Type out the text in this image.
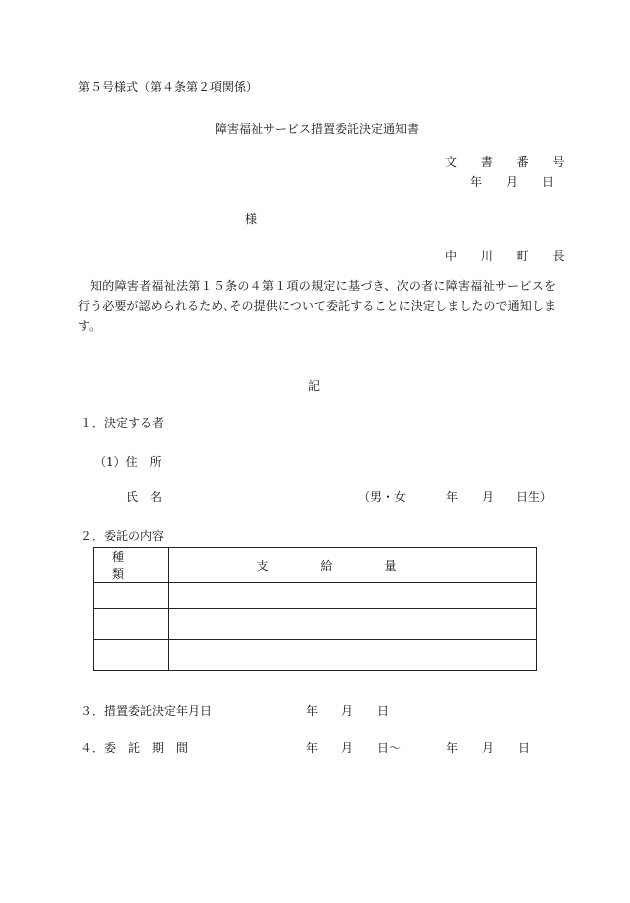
第５号様式（第４条第２項関係）
障害福祉サービス措置委託決定通知書
文 書 番 号
年　　月　　日
様
中 川 町 長
知的障害者福祉法第１５条の４第１項の規定に基づき、次の者に障害福祉サービスを行う必要が認められるため､その提供について委託することに決定しましたので通知します。
記
１．決定する者
（1）住　所
氏　名	（男・女	年 月 日生）
２．委託の内容
種類	支給量

３．措置委託決定年月日	年 月 日
４．委　託　期　間	年 月 日〜	年 月 日
